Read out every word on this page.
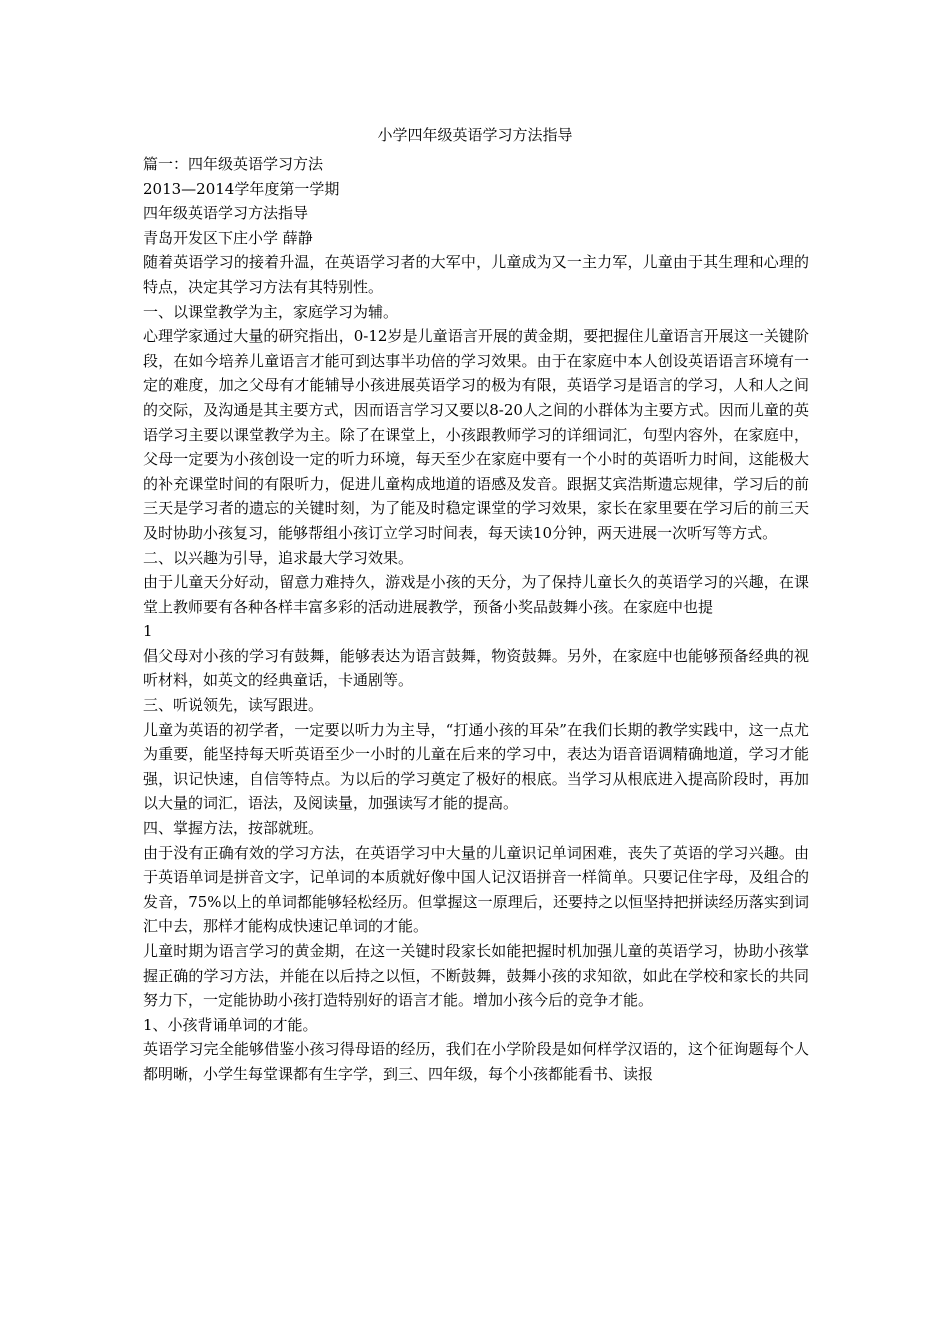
小学四年级英语学习方法指导

篇一：四年级英语学习方法

2013—2014学年度第一学期

四年级英语学习方法指导

青岛开发区下庄小学 薛静

随着英语学习的接着升温，在英语学习者的大军中，儿童成为又一主力军，儿童由于其生理和心理的特点，决定其学习方法有其特别性。

一、以课堂教学为主，家庭学习为辅。

心理学家通过大量的研究指出，0-12岁是儿童语言开展的黄金期，要把握住儿童语言开展这一关键阶段，在如今培养儿童语言才能可到达事半功倍的学习效果。由于在家庭中本人创设英语语言环境有一定的难度，加之父母有才能辅导小孩进展英语学习的极为有限，英语学习是语言的学习，人和人之间的交际，及沟通是其主要方式，因而语言学习又要以8-20人之间的小群体为主要方式。因而儿童的英语学习主要以课堂教学为主。除了在课堂上，小孩跟教师学习的详细词汇，句型内容外，在家庭中，父母一定要为小孩创设一定的听力环境，每天至少在家庭中要有一个小时的英语听力时间，这能极大的补充课堂时间的有限听力，促进儿童构成地道的语感及发音。跟据艾宾浩斯遗忘规律，学习后的前三天是学习者的遗忘的关键时刻，为了能及时稳定课堂的学习效果，家长在家里要在学习后的前三天及时协助小孩复习，能够帮组小孩订立学习时间表，每天读10分钟，两天进展一次听写等方式。

二、以兴趣为引导，追求最大学习效果。

由于儿童天分好动，留意力难持久，游戏是小孩的天分，为了保持儿童长久的英语学习的兴趣，在课堂上教师要有各种各样丰富多彩的活动进展教学，预备小奖品鼓舞小孩。在家庭中也提

1

倡父母对小孩的学习有鼓舞，能够表达为语言鼓舞，物资鼓舞。另外，在家庭中也能够预备经典的视听材料，如英文的经典童话，卡通剧等。

三、听说领先，读写跟进。

儿童为英语的初学者，一定要以听力为主导，“打通小孩的耳朵”在我们长期的教学实践中，这一点尤为重要，能坚持每天听英语至少一小时的儿童在后来的学习中，表达为语音语调精确地道，学习才能强，识记快速，自信等特点。为以后的学习奠定了极好的根底。当学习从根底进入提高阶段时，再加以大量的词汇，语法，及阅读量，加强读写才能的提高。

四、掌握方法，按部就班。

由于没有正确有效的学习方法，在英语学习中大量的儿童识记单词困难，丧失了英语的学习兴趣。由于英语单词是拼音文字，记单词的本质就好像中国人记汉语拼音一样简单。只要记住字母，及组合的发音，75%以上的单词都能够轻松经历。但掌握这一原理后，还要持之以恒坚持把拼读经历落实到词汇中去，那样才能构成快速记单词的才能。

儿童时期为语言学习的黄金期，在这一关键时段家长如能把握时机加强儿童的英语学习，协助小孩掌握正确的学习方法，并能在以后持之以恒，不断鼓舞，鼓舞小孩的求知欲，如此在学校和家长的共同努力下，一定能协助小孩打造特别好的语言才能。增加小孩今后的竞争才能。

1、小孩背诵单词的才能。

英语学习完全能够借鉴小孩习得母语的经历，我们在小学阶段是如何样学汉语的，这个征询题每个人都明晰，小学生每堂课都有生字学，到三、四年级，每个小孩都能看书、读报
